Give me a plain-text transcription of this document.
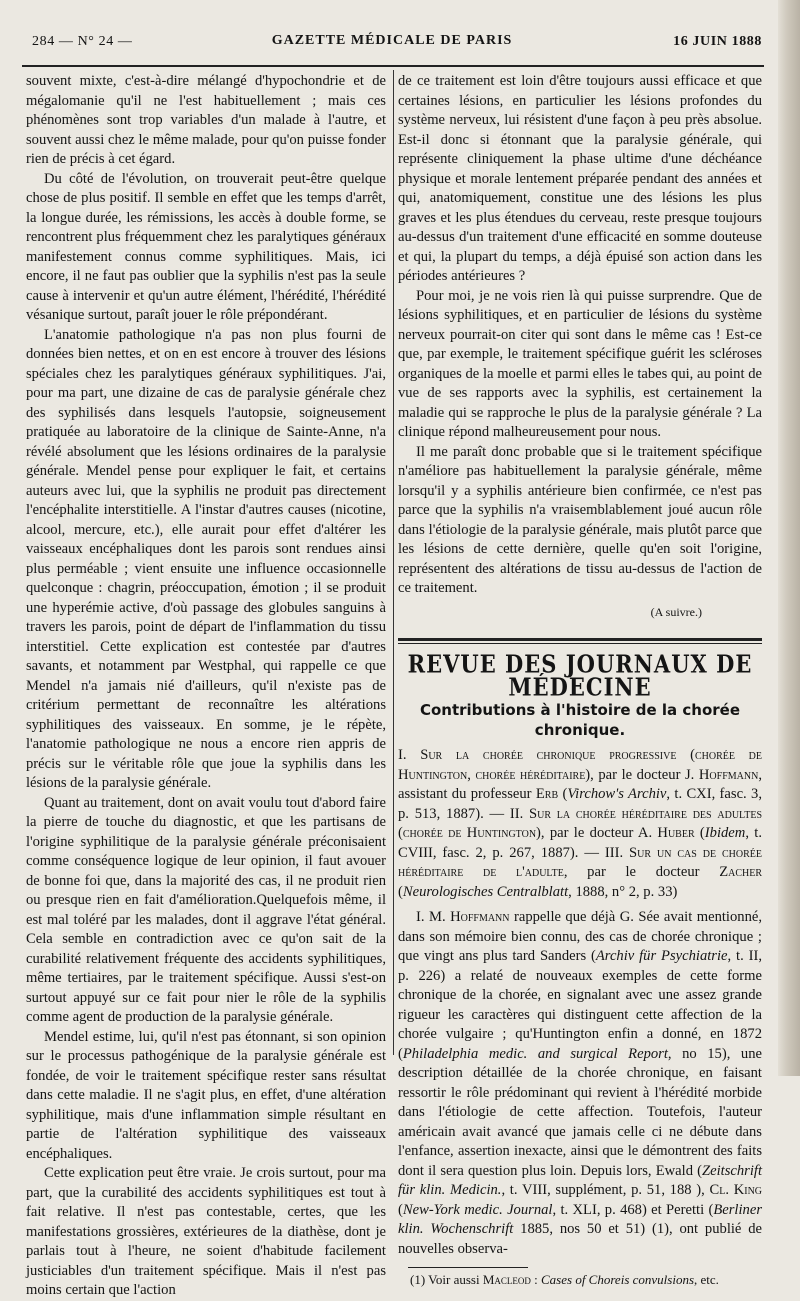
284 — N° 24 —	GAZETTE MÉDICALE DE PARIS	16 JUIN 1888

souvent mixte, c'est-à-dire mélangé d'hypochondrie et de mégalomanie qu'il ne l'est habituellement ; mais ces phénomènes sont trop variables d'un malade à l'autre, et souvent aussi chez le même malade, pour qu'on puisse fonder rien de précis à cet égard.

Du côté de l'évolution, on trouverait peut-être quelque chose de plus positif. Il semble en effet que les temps d'arrêt, la longue durée, les rémissions, les accès à double forme, se rencontrent plus fréquemment chez les paralytiques généraux manifestement connus comme syphilitiques. Mais, ici encore, il ne faut pas oublier que la syphilis n'est pas la seule cause à intervenir et qu'un autre élément, l'hérédité, l'hérédité vésanique surtout, paraît jouer le rôle prépondérant.

L'anatomie pathologique n'a pas non plus fourni de données bien nettes, et on en est encore à trouver des lésions spéciales chez les paralytiques généraux syphilitiques. J'ai, pour ma part, une dizaine de cas de paralysie générale chez des syphilisés dans lesquels l'autopsie, soigneusement pratiquée au laboratoire de la clinique de Sainte-Anne, n'a révélé absolument que les lésions ordinaires de la paralysie générale. Mendel pense pour expliquer le fait, et certains auteurs avec lui, que la syphilis ne produit pas directement l'encéphalite interstitielle. A l'instar d'autres causes (nicotine, alcool, mercure, etc.), elle aurait pour effet d'altérer les vaisseaux encéphaliques dont les parois sont rendues ainsi plus perméable ; vient ensuite une influence occasionnelle quelconque : chagrin, préoccupation, émotion ; il se produit une hyperémie active, d'où passage des globules sanguins à travers les parois, point de départ de l'inflammation du tissu interstitiel. Cette explication est contestée par d'autres savants, et notamment par Westphal, qui rappelle ce que Mendel n'a jamais nié d'ailleurs, qu'il n'existe pas de critérium permettant de reconnaître les altérations syphilitiques des vaisseaux. En somme, je le répète, l'anatomie pathologique ne nous a encore rien appris de précis sur le véritable rôle que joue la syphilis dans les lésions de la paralysie générale.

Quant au traitement, dont on avait voulu tout d'abord faire la pierre de touche du diagnostic, et que les partisans de l'origine syphilitique de la paralysie générale préconisaient comme conséquence logique de leur opinion, il faut avouer de bonne foi que, dans la majorité des cas, il ne produit rien ou presque rien en fait d'amélioration.Quelquefois même, il est mal toléré par les malades, dont il aggrave l'état général. Cela semble en contradiction avec ce qu'on sait de la curabilité relativement fréquente des accidents syphilitiques, même tertiaires, par le traitement spécifique. Aussi s'est-on surtout appuyé sur ce fait pour nier le rôle de la syphilis comme agent de production de la paralysie générale.

Mendel estime, lui, qu'il n'est pas étonnant, si son opinion sur le processus pathogénique de la paralysie générale est fondée, de voir le traitement spécifique rester sans résultat dans cette maladie. Il ne s'agit plus, en effet, d'une altération syphilitique, mais d'une inflammation simple résultant en partie de l'altération syphilitique des vaisseaux encéphaliques.

Cette explication peut être vraie. Je crois surtout, pour ma part, que la curabilité des accidents syphilitiques est tout à fait relative. Il n'est pas contestable, certes, que les manifestations grossières, extérieures de la diathèse, dont je parlais tout à l'heure, ne soient d'habitude facilement justiciables d'un traitement spécifique. Mais il n'est pas moins certain que l'action

de ce traitement est loin d'être toujours aussi efficace et que certaines lésions, en particulier les lésions profondes du système nerveux, lui résistent d'une façon à peu près absolue. Est-il donc si étonnant que la paralysie générale, qui représente cliniquement la phase ultime d'une déchéance physique et morale lentement préparée pendant des années et qui, anatomiquement, constitue une des lésions les plus graves et les plus étendues du cerveau, reste presque toujours au-dessus d'un traitement d'une efficacité en somme douteuse et qui, la plupart du temps, a déjà épuisé son action dans les périodes antérieures ?

Pour moi, je ne vois rien là qui puisse surprendre. Que de lésions syphilitiques, et en particulier de lésions du système nerveux pourrait-on citer qui sont dans le même cas ! Est-ce que, par exemple, le traitement spécifique guérit les scléroses organiques de la moelle et parmi elles le tabes qui, au point de vue de ses rapports avec la syphilis, est certainement la maladie qui se rapproche le plus de la paralysie générale ? La clinique répond malheureusement pour nous.

Il me paraît donc probable que si le traitement spécifique n'améliore pas habituellement la paralysie générale, même lorsqu'il y a syphilis antérieure bien confirmée, ce n'est pas parce que la syphilis n'a vraisemblablement joué aucun rôle dans l'étiologie de la paralysie générale, mais plutôt parce que les lésions de cette dernière, quelle qu'en soit l'origine, représentent des altérations de tissu au-dessus de l'action de ce traitement.

(A suivre.)
REVUE DES JOURNAUX DE MÉDECINE
Contributions à l'histoire de la chorée chronique.

I. Sur la chorée chronique progressive (chorée de Huntington, chorée héréditaire), par le docteur J. Hoffmann, assistant du professeur Erb (Virchow's Archiv, t. CXI, fasc. 3, p. 513, 1887). — II. Sur la chorée héréditaire des adultes (chorée de Huntington), par le docteur A. Huber (Ibidem, t. CVIII, fasc. 2, p. 267, 1887). — III. Sur un cas de chorée héréditaire de l'adulte, par le docteur Zacher (Neurologisches Centralblatt, 1888, n° 2, p. 33)

I. M. Hoffmann rappelle que déjà G. Sée avait mentionné, dans son mémoire bien connu, des cas de chorée chronique ; que vingt ans plus tard Sanders (Archiv für Psychiatrie, t. II, p. 226) a relaté de nouveaux exemples de cette forme chronique de la chorée, en signalant avec une assez grande rigueur les caractères qui distinguent cette affection de la chorée vulgaire ; qu'Huntington enfin a donné, en 1872 (Philadelphia medic. and surgical Report, no 15), une description détaillée de la chorée chronique, en faisant ressortir le rôle prédominant qui revient à l'hérédité morbide dans l'étiologie de cette affection. Toutefois, l'auteur américain avait avancé que jamais celle ci ne débute dans l'enfance, assertion inexacte, ainsi que le démontrent des faits dont il sera question plus loin. Depuis lors, Ewald (Zeitschrift für klin. Medicin., t. VIII, supplément, p. 51, 188 ), Cl. King (New-York medic. Journal, t. XLI, p. 468) et Peretti (Berliner klin. Wochenschrift 1885, nos 50 et 51) (1), ont publié de nouvelles observa-

(1) Voir aussi Macleod : Cases of Choreis convulsions, etc.
